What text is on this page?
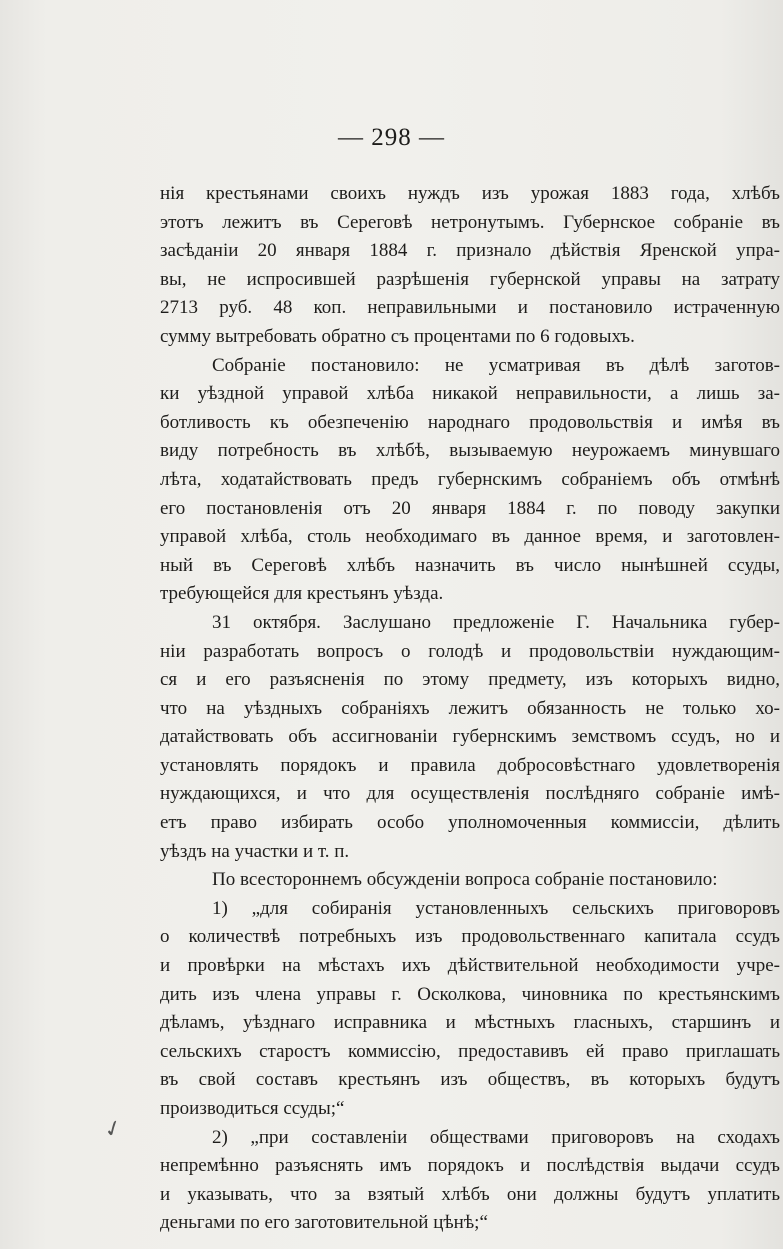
— 298 —
нія крестьянами своихъ нуждъ изъ урожая 1883 года, хлѣбъ
этотъ лежитъ въ Сереговѣ нетронутымъ. Губернское собраніе въ
засѣданіи 20 января 1884 г. признало дѣйствія Яренской упра-
вы, не испросившей разрѣшенія губернской управы на затрату
2713 руб. 48 коп. неправильными и постановило истраченную
сумму вытребовать обратно съ процентами по 6 годовыхъ.
Собраніе постановило: не усматривая въ дѣлѣ заготов-
ки уѣздной управой хлѣба никакой неправильности, а лишь за-
ботливость къ обезпеченію народнаго продовольствія и имѣя въ
виду потребность въ хлѣбѣ, вызываемую неурожаемъ минувшаго
лѣта, ходатайствовать предъ губернскимъ собраніемъ объ отмѣнѣ
его постановленія отъ 20 января 1884 г. по поводу закупки
управой хлѣба, столь необходимаго въ данное время, и заготовлен-
ный въ Сереговѣ хлѣбъ назначить въ число нынѣшней ссуды,
требующейся для крестьянъ уѣзда.
31 октября. Заслушано предложеніе Г. Начальника губер-
ніи разработать вопросъ о голодѣ и продовольствіи нуждающим-
ся и его разъясненія по этому предмету, изъ которыхъ видно,
что на уѣздныхъ собраніяхъ лежитъ обязанность не только хо-
датайствовать объ ассигнованіи губернскимъ земствомъ ссудъ, но и
установлять порядокъ и правила добросовѣстнаго удовлетворенія
нуждающихся, и что для осуществленія послѣдняго собраніе имѣ-
етъ право избирать особо уполномоченныя коммиссіи, дѣлить
уѣздъ на участки и т. п.
По всестороннемъ обсужденіи вопроса собраніе постановило:
1) „для собиранія установленныхъ сельскихъ приговоровъ
о количествѣ потребныхъ изъ продовольственнаго капитала ссудъ
и провѣрки на мѣстахъ ихъ дѣйствительной необходимости учре-
дить изъ члена управы г. Осколкова, чиновника по крестьянскимъ
дѣламъ, уѣзднаго исправника и мѣстныхъ гласныхъ, старшинъ и
сельскихъ старостъ коммиссію, предоставивъ ей право приглашать
въ свой составъ крестьянъ изъ обществъ, въ которыхъ будутъ
производиться ссуды;“
2) „при составленіи обществами приговоровъ на сходахъ
непремѣнно разъяснять имъ порядокъ и послѣдствія выдачи ссудъ
и указывать, что за взятый хлѣбъ они должны будутъ уплатить
деньгами по его заготовительной цѣнѣ;“
✓
